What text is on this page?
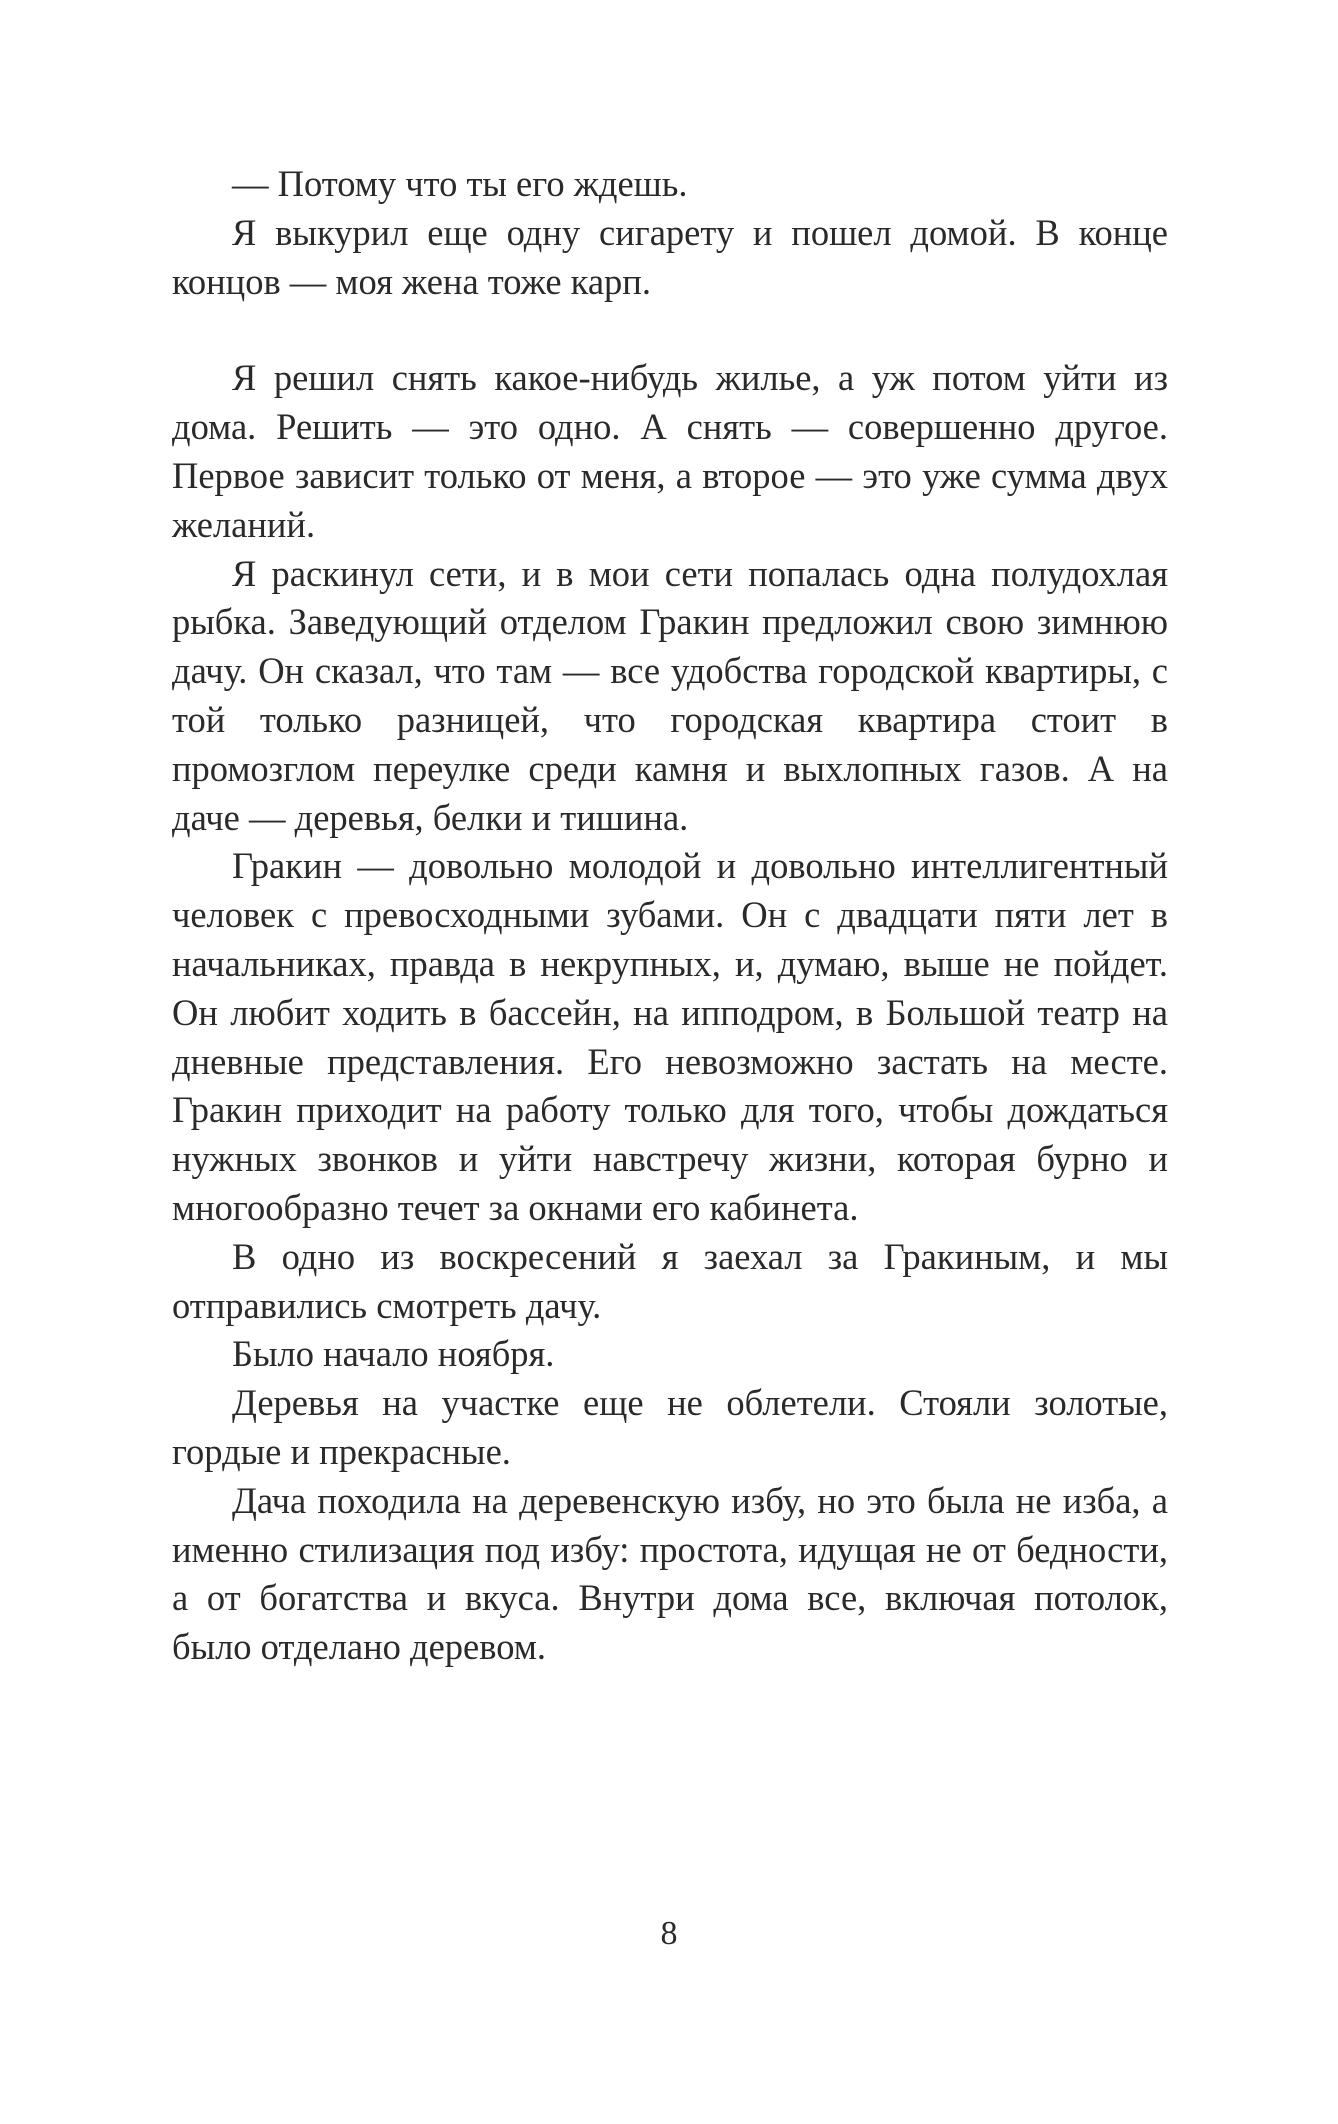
— Потому что ты его ждешь.

Я выкурил еще одну сигарету и пошел домой. В конце концов — моя жена тоже карп.

Я решил снять какое-нибудь жилье, а уж потом уйти из дома. Решить — это одно. А снять — совершенно другое. Первое зависит только от меня, а второе — это уже сумма двух желаний.

Я раскинул сети, и в мои сети попалась одна полудохлая рыбка. Заведующий отделом Гракин предложил свою зимнюю дачу. Он сказал, что там — все удобства городской квартиры, с той только разницей, что городская квартира стоит в промозглом переулке среди камня и выхлопных газов. А на даче — деревья, белки и тишина.

Гракин — довольно молодой и довольно интеллигентный человек с превосходными зубами. Он с двадцати пяти лет в начальниках, правда в некрупных, и, думаю, выше не пойдет. Он любит ходить в бассейн, на ипподром, в Большой театр на дневные представления. Его невозможно застать на месте. Гракин приходит на работу только для того, чтобы дождаться нужных звонков и уйти навстречу жизни, которая бурно и многообразно течет за окнами его кабинета.

В одно из воскресений я заехал за Гракиным, и мы отправились смотреть дачу.

Было начало ноября.

Деревья на участке еще не облетели. Стояли золотые, гордые и прекрасные.

Дача походила на деревенскую избу, но это была не изба, а именно стилизация под избу: простота, идущая не от бедности, а от богатства и вкуса. Внутри дома все, включая потолок, было отделано деревом.

8
